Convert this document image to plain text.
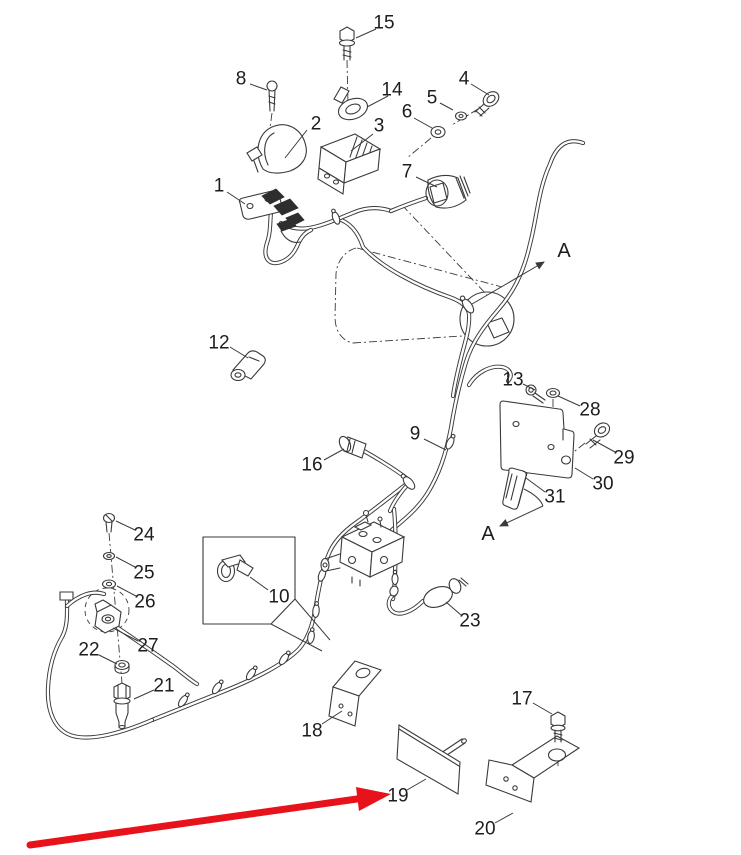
1
2	3
4
5
6
7
8
9
10
12
13
14
15
16
17
18
19
20
21
22
23
24
25
26
27
28
29
30
31
A
A
